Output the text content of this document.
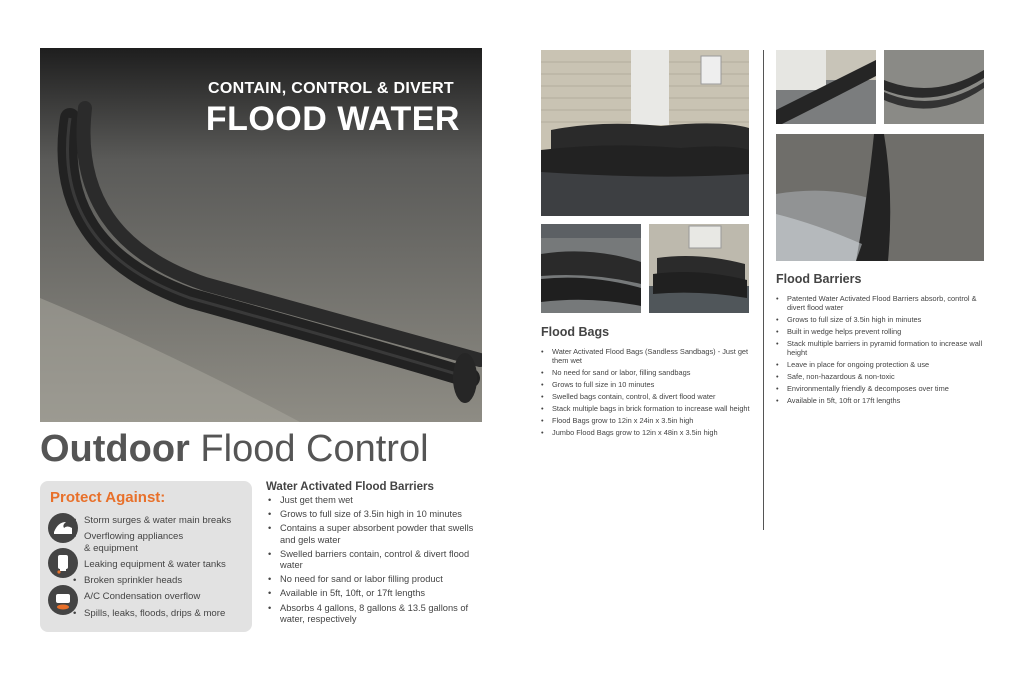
CONTAIN, CONTROL & DIVERT
FLOOD WATER
Outdoor Flood Control
Protect Against:
• Storm surges & water main breaks
• Overflowing appliances
& equipment
• Leaking equipment & water tanks
• Broken sprinkler heads
• A/C Condensation overflow
• Spills, leaks, floods, drips & more
Water Activated Flood Barriers
• Just get them wet
• Grows to full size of 3.5in high in 10 minutes
• Contains a super absorbent powder that swells and gels water
• Swelled barriers contain, control & divert flood water
• No need for sand or labor filling product
• Available in 5ft, 10ft, or 17ft lengths
• Absorbs 4 gallons, 8 gallons & 13.5 gallons of water, respectively
Flood Bags
• Water Activated Flood Bags (Sandless Sandbags) - Just get them wet
• No need for sand or labor, filling sandbags
• Grows to full size in 10 minutes
• Swelled bags contain, control, & divert flood water
• Stack multiple bags in brick formation to increase wall height
• Flood Bags grow to 12in x 24in x 3.5in high
• Jumbo Flood Bags grow to 12in x 48in x 3.5in high
Flood Barriers
• Patented Water Activated Flood Barriers absorb, control & divert flood water
• Grows to full size of 3.5in high in minutes
• Built in wedge helps prevent rolling
• Stack multiple barriers in pyramid formation to increase wall height
• Leave in place for ongoing protection & use
• Safe, non-hazardous & non-toxic
• Environmentally friendly & decomposes over time
• Available in 5ft, 10ft or 17ft lengths
